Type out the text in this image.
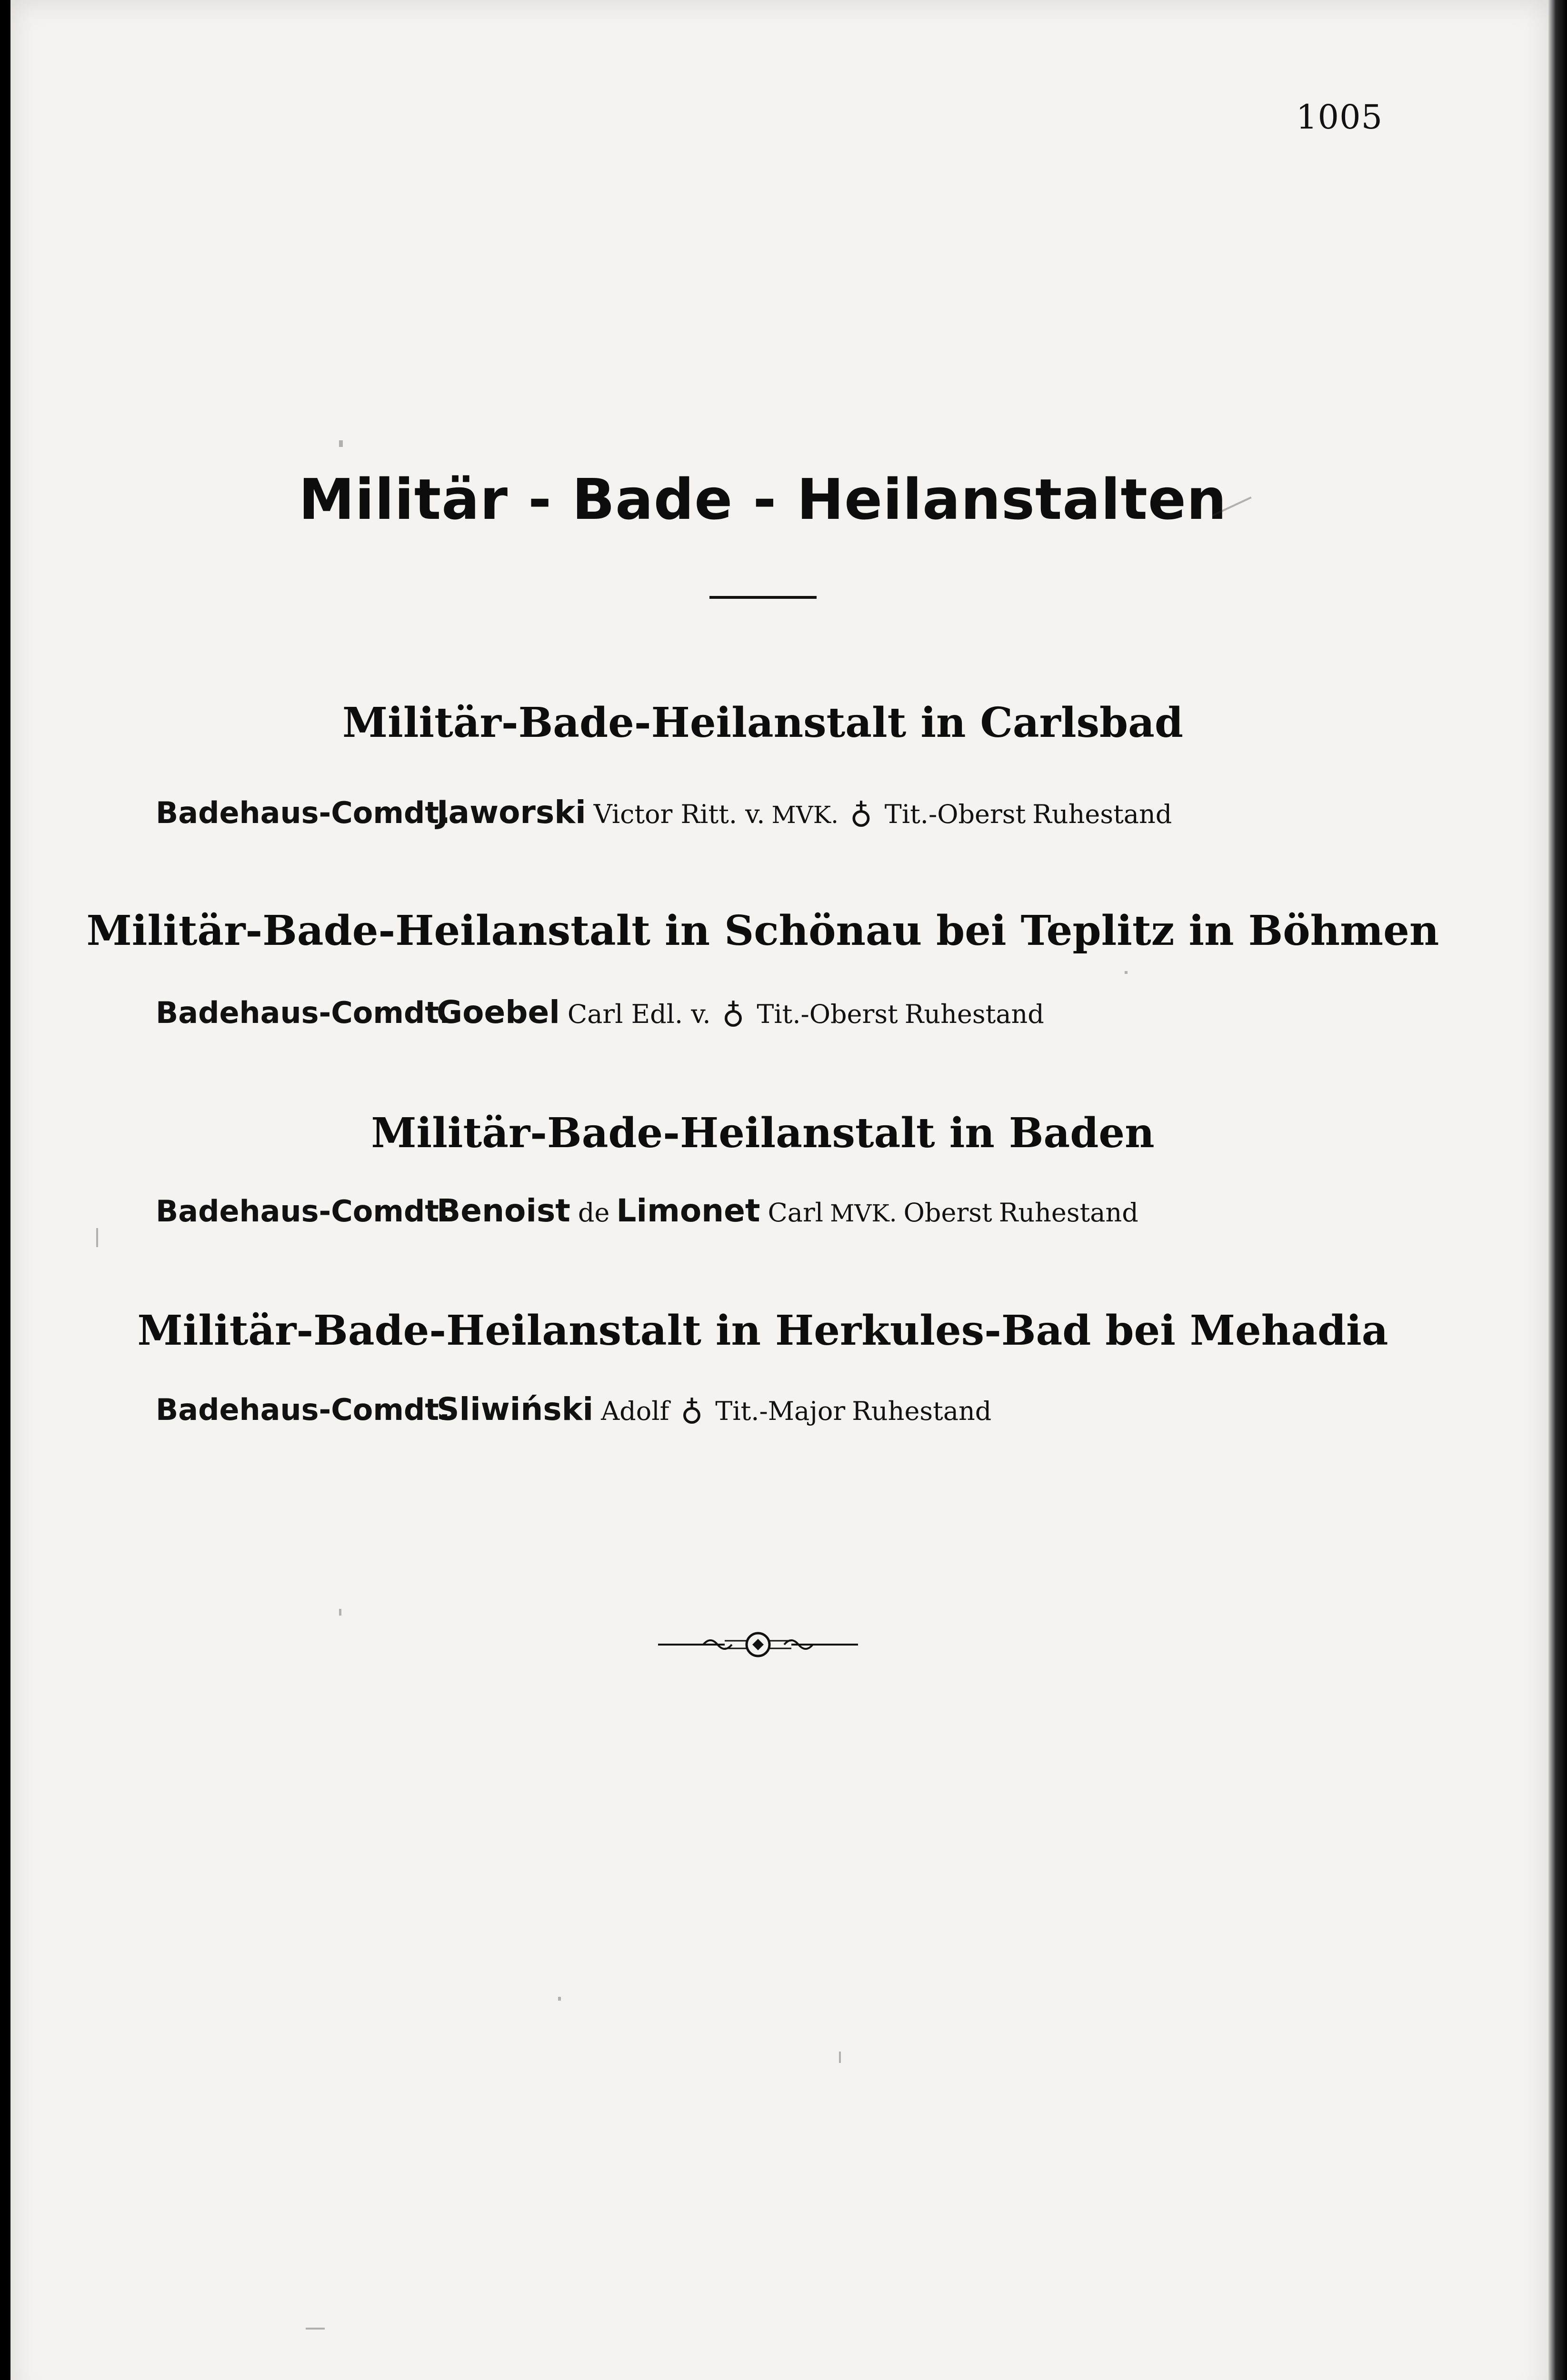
1005
Militär - Bade - Heilanstalten
Militär-Bade-Heilanstalt in Carlsbad
Badehaus-Comdt.Jaworski Victor Ritt. v. MVK. ♁ Tit.-Oberst Ruhestand
Militär-Bade-Heilanstalt in Schönau bei Teplitz in Böhmen
Badehaus-Comdt.Goebel Carl Edl. v. ♁ Tit.-Oberst Ruhestand
Militär-Bade-Heilanstalt in Baden
Badehaus-Comdt.Benoist de Limonet Carl MVK. Oberst Ruhestand
Militär-Bade-Heilanstalt in Herkules-Bad bei Mehadia
Badehaus-Comdt.Sliwiński Adolf ♁ Tit.-Major Ruhestand
